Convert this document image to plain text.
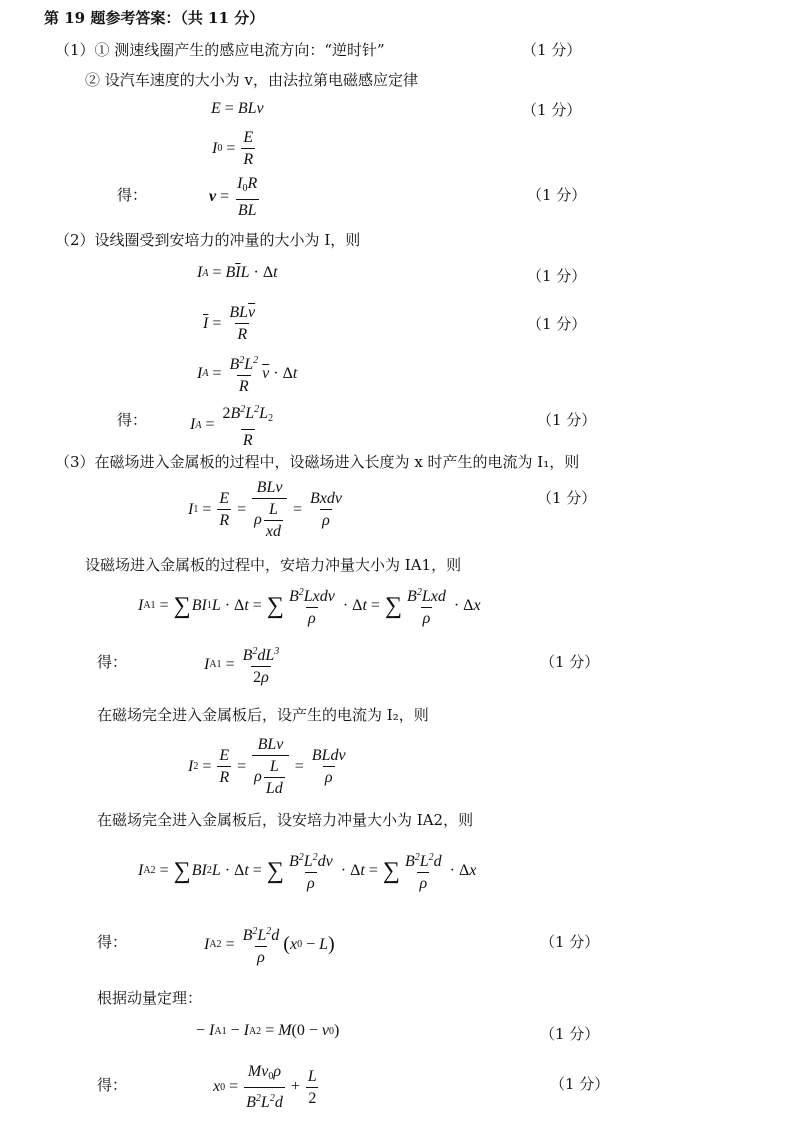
第 19 题参考答案：（共 11 分）
（1）① 测速线圈产生的感应电流方向：“逆时针”	（1 分）
② 设汽车速度的大小为 v，由法拉第电磁感应定律
E = BLv	（1 分）
I $0 = \frac{E}{R}$
得：	$v = \frac{I_0R}{BL}$	（1 分）
（2）设线圈受到安培力的冲量的大小为 I，则
I A = B $\overline{I}$ L · Δ t	（1 分）
$\overline{I} = \frac{BL\overline{v}}{R}$	（1 分）
I $A = \frac{B^2L^2}{R} \overline{v} \cdot \Delta$ t
得：	I $A = \frac{2B^2L^2L_2}{R}$	（1 分）
（3）在磁场进入金属板的过程中，设磁场进入长度为 x 时产生的电流为 I₁，则
I $1 = \frac{E}{R} = \frac{\text{BLv}}{\rho \frac{L}{xd}} = \frac{\text{Bxdv}}{\rho}$	（1 分）
设磁场进入金属板的过程中，安培力冲量大小为 IA1，则
I A1 = ∑ BI 1 L · Δ t = ∑ $\frac{B^2Lxdv}{\rho} \cdot \Delta$ t = ∑ $\frac{B^2Lxd}{\rho} \cdot \Delta$ x
得：	I $A1 = \frac{B^2dL^3}{2\rho}$	（1 分）
在磁场完全进入金属板后，设产生的电流为 I₂，则
I $2 = \frac{E}{R} = \frac{\text{BLv}}{\rho \frac{L}{Ld}} = \frac{\text{BLdv}}{\rho}$
在磁场完全进入金属板后，设安培力冲量大小为 IA2，则
I A2 = ∑ BI 2 L · Δ t = ∑ $\frac{B^2L^2dv}{\rho} \cdot \Delta$ t = ∑ $\frac{B^2L^2d}{\rho} \cdot \Delta$ x
得：	I $A2 = \frac{B^2L^2d}{\rho}$ ( x 0 − L )	（1 分）
根据动量定理：
− I A1 − I A2 = M (0 − v 0 )	（1 分）
得：	x $0 = \frac{Mv_0\rho}{B^2L^2d} + \frac{L}{2}$	（1 分）
